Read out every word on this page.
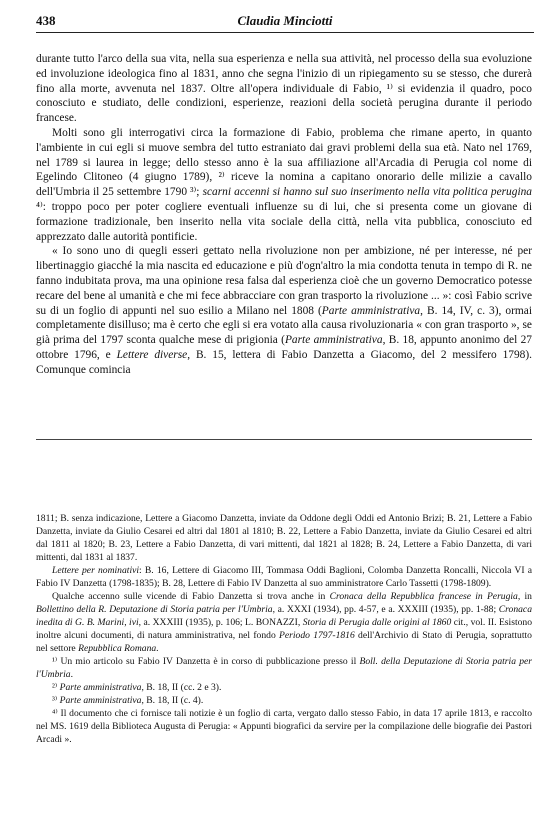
438	Claudia Minciotti

durante tutto l'arco della sua vita, nella sua esperienza e nella sua attività, nel processo della sua evoluzione ed involuzione ideologica fino al 1831, anno che segna l'inizio di un ripiegamento su se stesso, che durerà fino alla morte, avvenuta nel 1837. Oltre all'opera individuale di Fabio, ¹⁾ si evidenzia il quadro, poco conosciuto e studiato, delle condizioni, esperienze, reazioni della società perugina durante il periodo francese.

Molti sono gli interrogativi circa la formazione di Fabio, problema che rimane aperto, in quanto l'ambiente in cui egli si muove sembra del tutto estraniato dai gravi problemi della sua età. Nato nel 1769, nel 1789 si laurea in legge; dello stesso anno è la sua affiliazione all'Arcadia di Perugia col nome di Egelindo Clitoneo (4 giugno 1789), ²⁾ riceve la nomina a capitano onorario delle milizie a cavallo dell'Umbria il 25 settembre 1790 ³⁾; scarni accenni si hanno sul suo inserimento nella vita politica perugina ⁴⁾: troppo poco per poter cogliere eventuali influenze su di lui, che si presenta come un giovane di formazione tradizionale, ben inserito nella vita sociale della città, nella vita pubblica, conosciuto ed apprezzato dalle autorità pontificie.

« Io sono uno di quegli esseri gettato nella rivoluzione non per ambizione, né per interesse, né per libertinaggio giacché la mia nascita ed educazione e più d'ogn'altro la mia condotta tenuta in tempo di R. ne fanno indubitata prova, ma una opinione resa falsa dal esperienza cioè che un governo Democratico potesse recare del bene al umanità e che mi fece abbracciare con gran trasporto la rivoluzione ... »: così Fabio scrive su di un foglio di appunti nel suo esilio a Milano nel 1808 (Parte amministrativa, B. 14, IV, c. 3), ormai completamente disilluso; ma è certo che egli si era votato alla causa rivoluzionaria « con gran trasporto », se già prima del 1797 sconta qualche mese di prigionia (Parte amministrativa, B. 18, appunto anonimo del 27 ottobre 1796, e Lettere diverse, B. 15, lettera di Fabio Danzetta a Giacomo, del 2 messifero 1798). Comunque comincia

1811; B. senza indicazione, Lettere a Giacomo Danzetta, inviate da Oddone degli Oddi ed Antonio Brizi; B. 21, Lettere a Fabio Danzetta, inviate da Giulio Cesarei ed altri dal 1801 al 1810; B. 22, Lettere a Fabio Danzetta, inviate da Giulio Cesarei ed altri dal 1811 al 1820; B. 23, Lettere a Fabio Danzetta, di vari mittenti, dal 1821 al 1828; B. 24, Lettere a Fabio Danzetta, di vari mittenti, dal 1831 al 1837.

Lettere per nominativi: B. 16, Lettere di Giacomo III, Tommasa Oddi Baglioni, Colomba Danzetta Roncalli, Niccola VI a Fabio IV Danzetta (1798-1835); B. 28, Lettere di Fabio IV Danzetta al suo amministratore Carlo Tassetti (1798-1809).

Qualche accenno sulle vicende di Fabio Danzetta si trova anche in Cronaca della Repubblica francese in Perugia, in Bollettino della R. Deputazione di Storia patria per l'Umbria, a. XXXI (1934), pp. 4-57, e a. XXXIII (1935), pp. 1-88; Cronaca inedita di G. B. Marini, ivi, a. XXXIII (1935), p. 106; L. BONAZZI, Storia di Perugia dalle origini al 1860 cit., vol. II. Esistono inoltre alcuni documenti, di natura amministrativa, nel fondo Periodo 1797-1816 dell'Archivio di Stato di Perugia, soprattutto nel settore Repubblica Romana.

¹⁾ Un mio articolo su Fabio IV Danzetta è in corso di pubblicazione presso il Boll. della Deputazione di Storia patria per l'Umbria.

²⁾ Parte amministrativa, B. 18, II (cc. 2 e 3).

³⁾ Parte amministrativa, B. 18, II (c. 4).

⁴⁾ Il documento che ci fornisce tali notizie è un foglio di carta, vergato dallo stesso Fabio, in data 17 aprile 1813, e raccolto nel MS. 1619 della Biblioteca Augusta di Perugia: « Appunti biografici da servire per la compilazione delle biografie dei Pastori Arcadi ».
